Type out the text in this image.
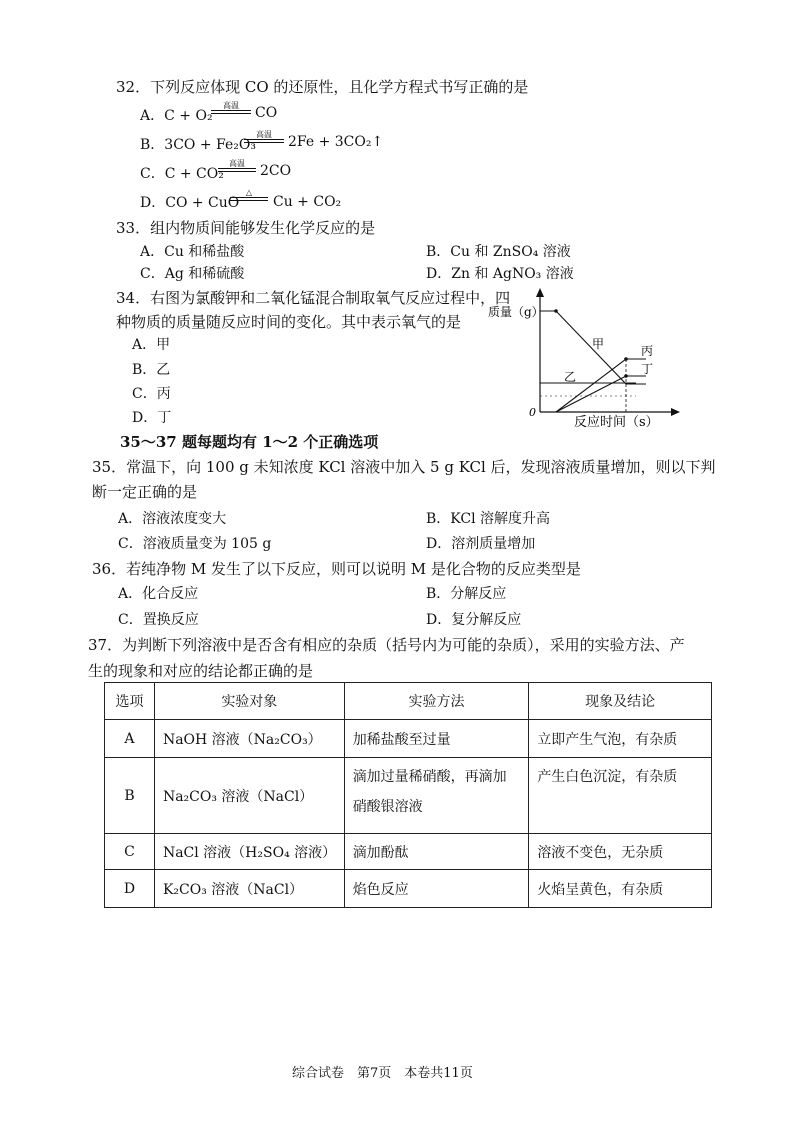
32．下列反应体现 CO 的还原性，且化学方程式书写正确的是
A．C + O₂
高温	CO
B．3CO + Fe₂O₃
高温	2Fe + 3CO₂↑
C．C + CO₂
高温	2CO
D．CO + CuO
△
Cu + CO₂
33．组内物质间能够发生化学反应的是
A．Cu 和稀盐酸	B．Cu 和 ZnSO₄ 溶液
C．Ag 和稀硫酸	D．Zn 和 AgNO₃ 溶液
34．右图为氯酸钾和二氧化锰混合制取氧气反应过程中，四
种物质的质量随反应时间的变化。其中表示氧气的是
A．甲
B．乙
C．丙
D．丁
质量（g）
反应时间（s）
0
甲
乙
丙
丁
35～37 题每题均有 1～2 个正确选项
35．常温下，向 100 g 未知浓度 KCl 溶液中加入 5 g KCl 后，发现溶液质量增加，则以下判
断一定正确的是
A．溶液浓度变大	B．KCl 溶解度升高
C．溶液质量变为 105 g	D．溶剂质量增加
36．若纯净物 M 发生了以下反应，则可以说明 M 是化合物的反应类型是
A．化合反应	B．分解反应
C．置换反应	D．复分解反应
37．为判断下列溶液中是否含有相应的杂质（括号内为可能的杂质），采用的实验方法、产
生的现象和对应的结论都正确的是
选项	实验对象	实验方法	现象及结论
A	NaOH 溶液（Na₂CO₃）	加稀盐酸至过量	立即产生气泡，有杂质
B	Na₂CO₃ 溶液（NaCl）	滴加过量稀硝酸，再滴加硝酸银溶液	产生白色沉淀，有杂质
C	NaCl 溶液（H₂SO₄ 溶液）	滴加酚酞	溶液不变色，无杂质
D	K₂CO₃ 溶液（NaCl）	焰色反应	火焰呈黄色，有杂质
综合试卷　第7页　本卷共11页
